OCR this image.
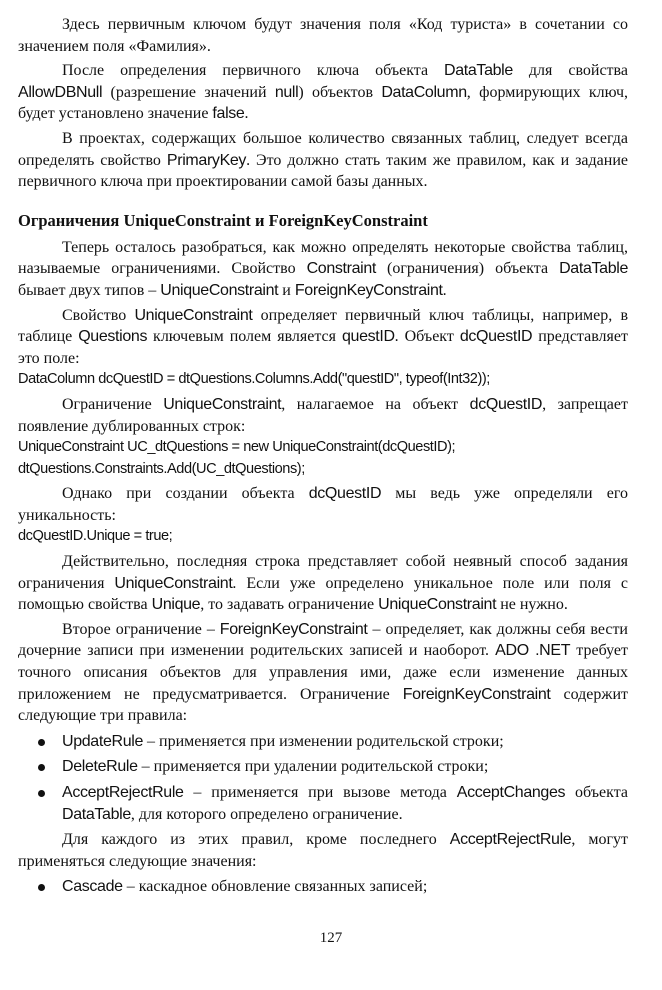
Здесь первичным ключом будут значения поля «Код туриста» в сочетании со значением поля «Фамилия».

После определения первичного ключа объекта DataTable для свойства AllowDBNull (разрешение значений null) объектов DataColumn, формирующих ключ, будет установлено значение false.

В проектах, содержащих большое количество связанных таблиц, следует всегда определять свойство PrimaryKey. Это должно стать таким же правилом, как и задание первичного ключа при проектировании самой базы данных.

Ограничения UniqueConstraint и ForeignKeyConstraint

Теперь осталось разобраться, как можно определять некоторые свойства таблиц, называемые ограничениями. Свойство Constraint (ограничения) объекта DataTable бывает двух типов – UniqueConstraint и ForeignKeyConstraint.

Свойство UniqueConstraint определяет первичный ключ таблицы, например, в таблице Questions ключевым полем является questID. Объект dcQuestID представляет это поле:

DataColumn dcQuestID = dtQuestions.Columns.Add("questID", typeof(Int32));

Ограничение UniqueConstraint, налагаемое на объект dcQuestID, запрещает появление дублированных строк:

UniqueConstraint UC_dtQuestions = new UniqueConstraint(dcQuestID);

dtQuestions.Constraints.Add(UC_dtQuestions);

Однако при создании объекта dcQuestID мы ведь уже определяли его уникальность:

dcQuestID.Unique = true;

Действительно, последняя строка представляет собой неявный способ задания ограничения UniqueConstraint. Если уже определено уникальное поле или поля с помощью свойства Unique, то задавать ограничение UniqueConstraint не нужно.

Второе ограничение – ForeignKeyConstraint – определяет, как должны себя вести дочерние записи при изменении родительских записей и наоборот. ADO .NET требует точного описания объектов для управления ими, даже если изменение данных приложением не предусматривается. Ограничение ForeignKeyConstraint содержит следующие три правила:

UpdateRule – применяется при изменении родительской строки;
DeleteRule – применяется при удалении родительской строки;
AcceptRejectRule – применяется при вызове метода AcceptChanges объекта DataTable, для которого определено ограничение.

Для каждого из этих правил, кроме последнего AcceptRejectRule, могут применяться следующие значения:

Cascade – каскадное обновление связанных записей;
127
